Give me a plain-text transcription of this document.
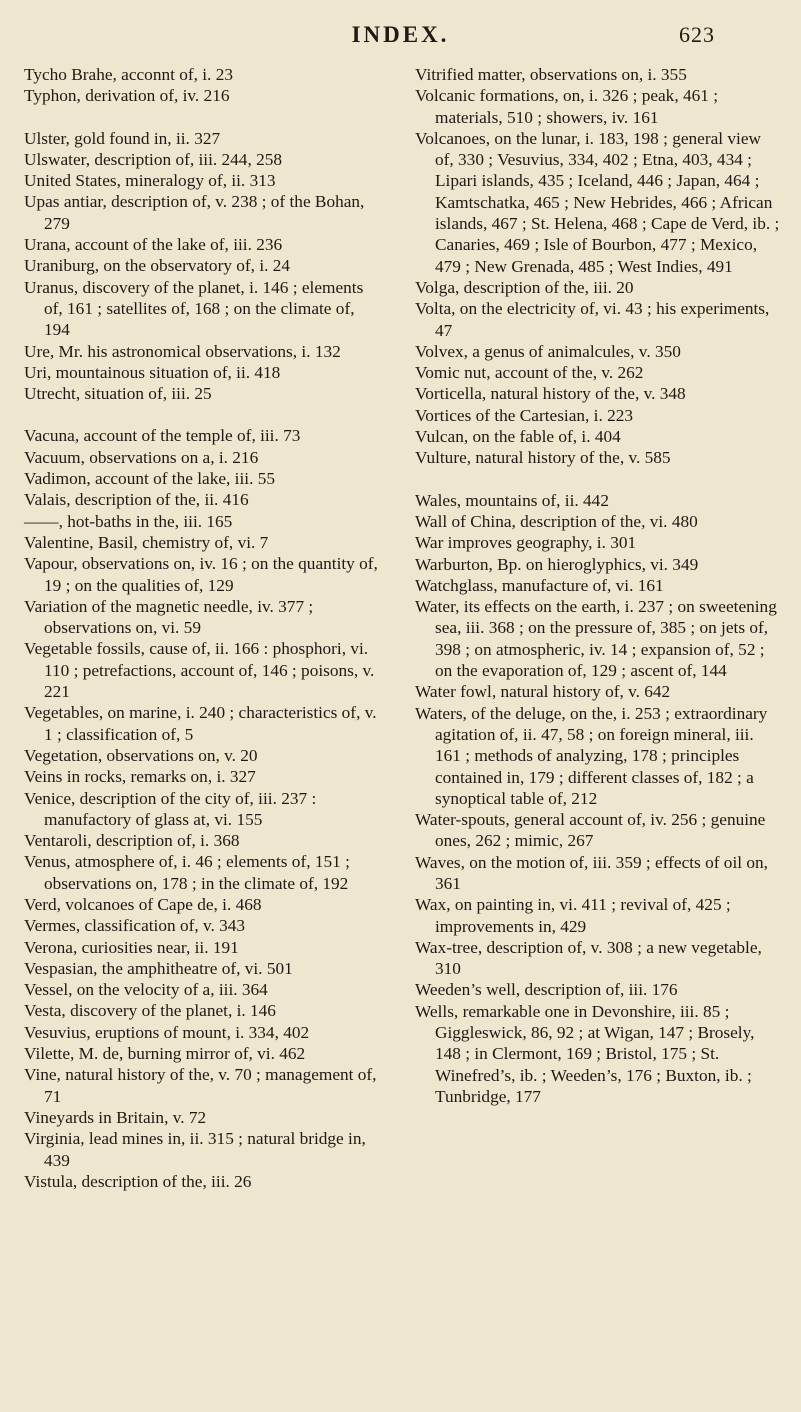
INDEX.	623

Tycho Brahe, acconnt of, i. 23

Typhon, derivation of, iv. 216

Ulster, gold found in, ii. 327

Ulswater, description of, iii. 244, 258

United States, mineralogy of, ii. 313

Upas antiar, description of, v. 238 ; of the Bohan, 279

Urana, account of the lake of, iii. 236

Uraniburg, on the observatory of, i. 24

Uranus, discovery of the planet, i. 146 ; elements of, 161 ; satellites of, 168 ; on the climate of, 194

Ure, Mr. his astronomical observations, i. 132

Uri, mountainous situation of, ii. 418

Utrecht, situation of, iii. 25

Vacuna, account of the temple of, iii. 73

Vacuum, observations on a, i. 216

Vadimon, account of the lake, iii. 55

Valais, description of the, ii. 416

——, hot-baths in the, iii. 165

Valentine, Basil, chemistry of, vi. 7

Vapour, observations on, iv. 16 ; on the quantity of, 19 ; on the qualities of, 129

Variation of the magnetic needle, iv. 377 ; observations on, vi. 59

Vegetable fossils, cause of, ii. 166 : phosphori, vi. 110 ; petrefactions, account of, 146 ; poisons, v. 221

Vegetables, on marine, i. 240 ; characteristics of, v. 1 ; classification of, 5

Vegetation, observations on, v. 20

Veins in rocks, remarks on, i. 327

Venice, description of the city of, iii. 237 : manufactory of glass at, vi. 155

Ventaroli, description of, i. 368

Venus, atmosphere of, i. 46 ; elements of, 151 ; observations on, 178 ; in the climate of, 192

Verd, volcanoes of Cape de, i. 468

Vermes, classification of, v. 343

Verona, curiosities near, ii. 191

Vespasian, the amphitheatre of, vi. 501

Vessel, on the velocity of a, iii. 364

Vesta, discovery of the planet, i. 146

Vesuvius, eruptions of mount, i. 334, 402

Vilette, M. de, burning mirror of, vi. 462

Vine, natural history of the, v. 70 ; management of, 71

Vineyards in Britain, v. 72

Virginia, lead mines in, ii. 315 ; natural bridge in, 439

Vistula, description of the, iii. 26

Vitrified matter, observations on, i. 355

Volcanic formations, on, i. 326 ; peak, 461 ; materials, 510 ; showers, iv. 161

Volcanoes, on the lunar, i. 183, 198 ; general view of, 330 ; Vesuvius, 334, 402 ; Etna, 403, 434 ; Lipari islands, 435 ; Iceland, 446 ; Japan, 464 ; Kamtschatka, 465 ; New Hebrides, 466 ; African islands, 467 ; St. Helena, 468 ; Cape de Verd, ib. ; Canaries, 469 ; Isle of Bourbon, 477 ; Mexico, 479 ; New Grenada, 485 ; West Indies, 491

Volga, description of the, iii. 20

Volta, on the electricity of, vi. 43 ; his experiments, 47

Volvex, a genus of animalcules, v. 350

Vomic nut, account of the, v. 262

Vorticella, natural history of the, v. 348

Vortices of the Cartesian, i. 223

Vulcan, on the fable of, i. 404

Vulture, natural history of the, v. 585

Wales, mountains of, ii. 442

Wall of China, description of the, vi. 480

War improves geography, i. 301

Warburton, Bp. on hieroglyphics, vi. 349

Watchglass, manufacture of, vi. 161

Water, its effects on the earth, i. 237 ; on sweetening sea, iii. 368 ; on the pressure of, 385 ; on jets of, 398 ; on atmospheric, iv. 14 ; expansion of, 52 ; on the evaporation of, 129 ; ascent of, 144

Water fowl, natural history of, v. 642

Waters, of the deluge, on the, i. 253 ; extraordinary agitation of, ii. 47, 58 ; on foreign mineral, iii. 161 ; methods of analyzing, 178 ; principles contained in, 179 ; different classes of, 182 ; a synoptical table of, 212

Water-spouts, general account of, iv. 256 ; genuine ones, 262 ; mimic, 267

Waves, on the motion of, iii. 359 ; effects of oil on, 361

Wax, on painting in, vi. 411 ; revival of, 425 ; improvements in, 429

Wax-tree, description of, v. 308 ; a new vegetable, 310

Weeden’s well, description of, iii. 176

Wells, remarkable one in Devonshire, iii. 85 ; Giggleswick, 86, 92 ; at Wigan, 147 ; Brosely, 148 ; in Clermont, 169 ; Bristol, 175 ; St. Winefred’s, ib. ; Weeden’s, 176 ; Buxton, ib. ; Tunbridge, 177
